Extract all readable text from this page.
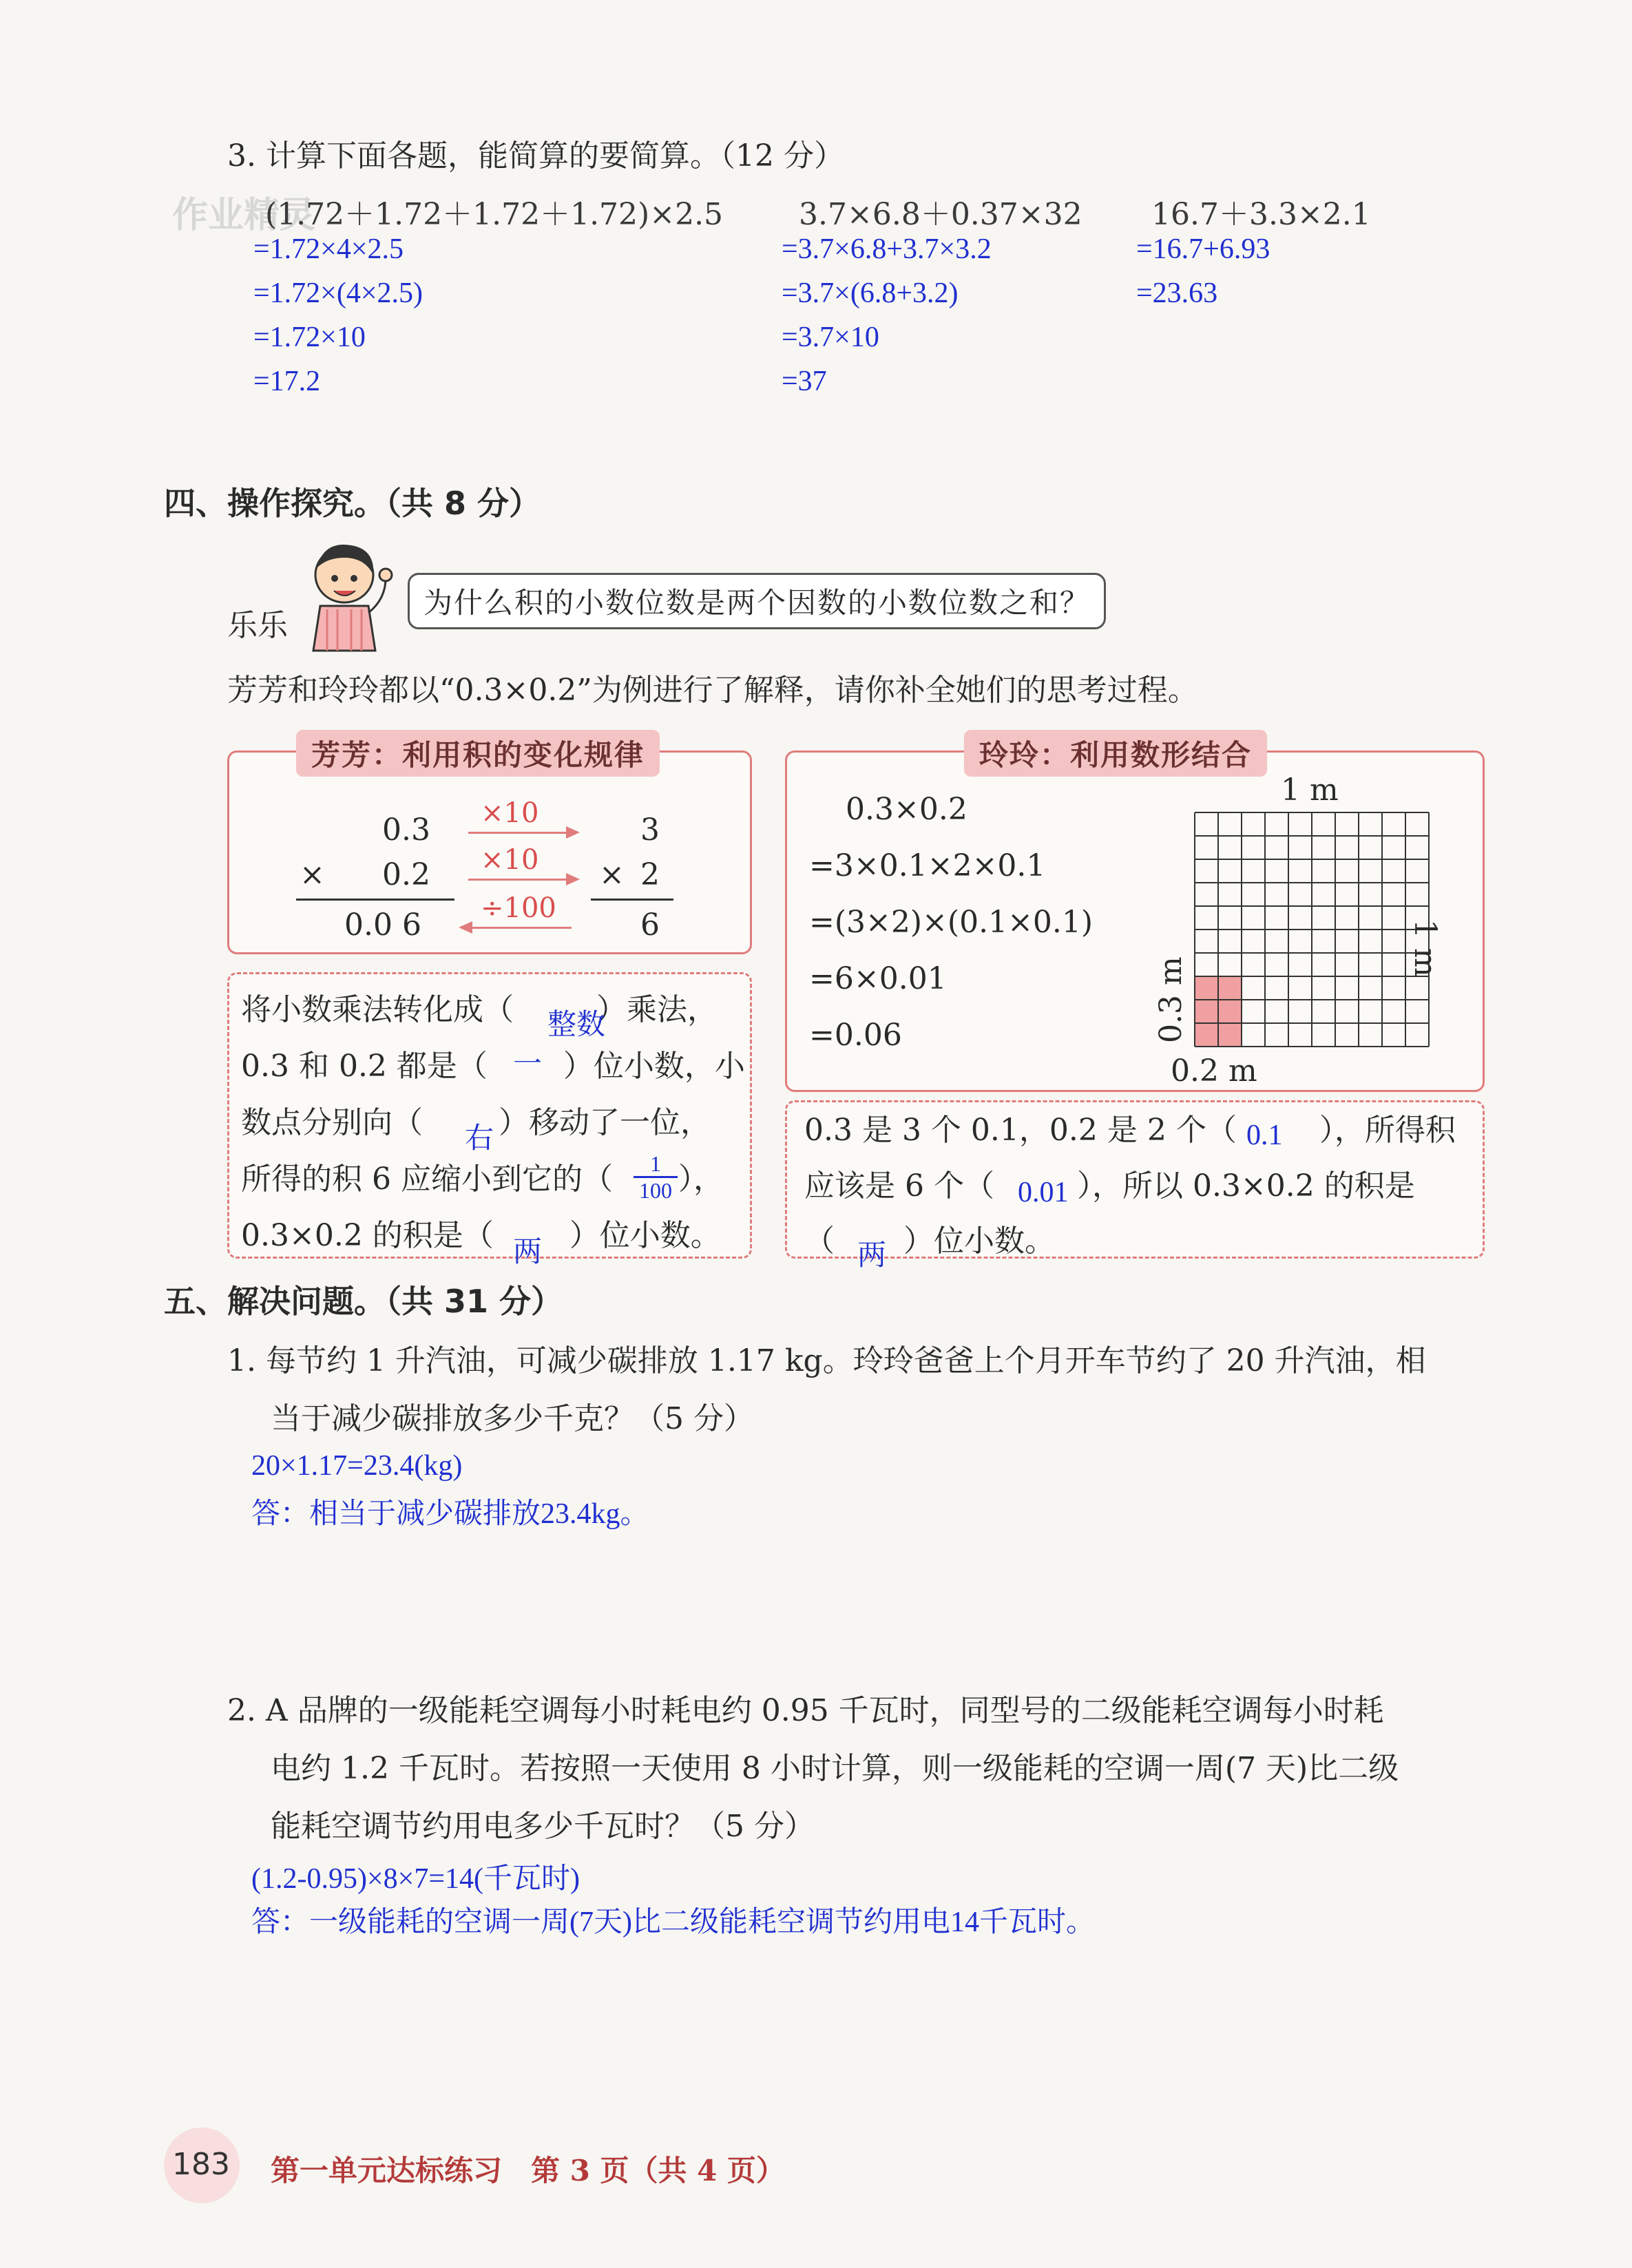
3. 计算下面各题，能简算的要简算。（12 分）
作业精灵
(1.72＋1.72＋1.72＋1.72)×2.5
=1.72×4×2.5
=1.72×(4×2.5)
=1.72×10
=17.2
3.7×6.8＋0.37×32
=3.7×6.8+3.7×3.2
=3.7×(6.8+3.2)
=3.7×10
=37
16.7＋3.3×2.1
=16.7+6.93
=23.63
四、操作探究。（共 8 分）
乐乐
为什么积的小数位数是两个因数的小数位数之和？
芳芳和玲玲都以“0.3×0.2”为例进行了解释，请你补全她们的思考过程。
芳芳：利用积的变化规律
0.3
× 0.2
0.0 6
×10
×10
÷100
3
× 2
6
将小数乘法转化成（	）乘法，
整数
0.3 和 0.2 都是（	）位小数，小
一
数点分别向（	）移动了一位，
右
所得的积 6 应缩小到它的（ ），
$\frac{1}{100}$
0.3×0.2 的积是（	）位小数。
两
玲玲：利用数形结合
0.3×0.2
=3×0.1×2×0.1
=(3×2)×(0.1×0.1)
=6×0.01
=0.06
1 m
1 m
0.3 m
0.2 m
0.3 是 3 个 0.1，0.2 是 2 个（	），所得积
0.1
应该是 6 个（	），所以 0.3×0.2 的积是
0.01
（ ）位小数。
两
五、解决问题。（共 31 分）
1. 每节约 1 升汽油，可减少碳排放 1.17 kg。玲玲爸爸上个月开车节约了 20 升汽油，相
当于减少碳排放多少千克？（5 分）
20×1.17=23.4(kg)
答：相当于减少碳排放23.4kg。
2. A 品牌的一级能耗空调每小时耗电约 0.95 千瓦时，同型号的二级能耗空调每小时耗
电约 1.2 千瓦时。若按照一天使用 8 小时计算，则一级能耗的空调一周(7 天)比二级
能耗空调节约用电多少千瓦时？（5 分）
(1.2-0.95)×8×7=14(千瓦时)
答：一级能耗的空调一周(7天)比二级能耗空调节约用电14千瓦时。
183 第一单元达标练习　第 3 页（共 4 页）
